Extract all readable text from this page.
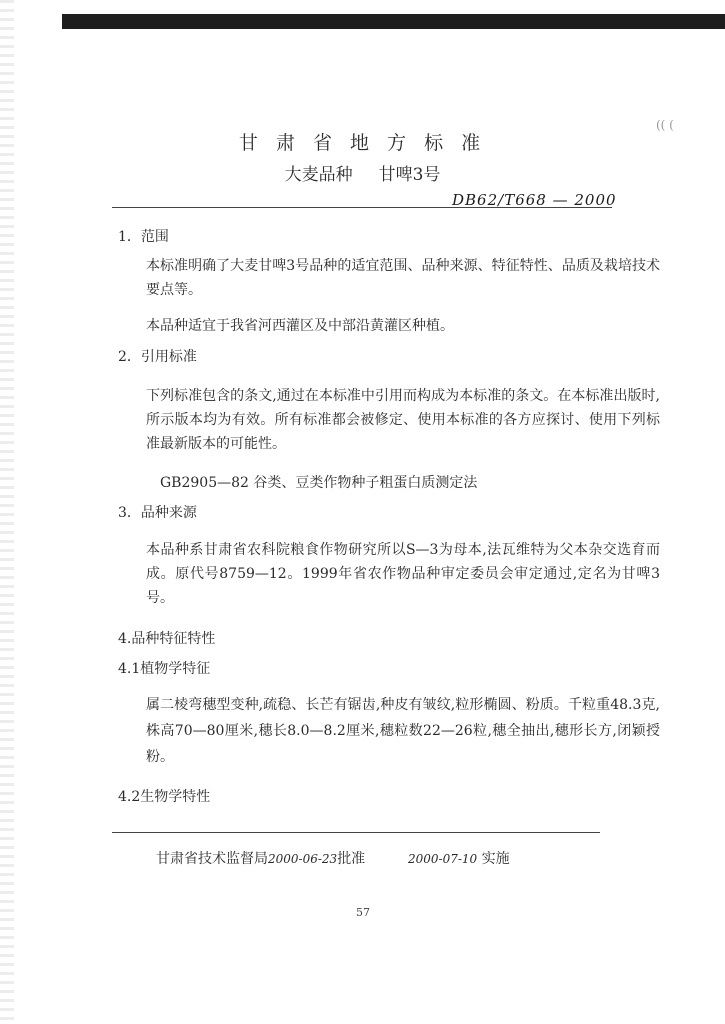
(( (
甘 肃 省 地 方 标 准
大麦品种 甘啤3号
DB62/T668 — 2000
1．范围
本标准明确了大麦甘啤3号品种的适宜范围、品种来源、特征特性、品质及栽培技术要点等。
本品种适宜于我省河西灌区及中部沿黄灌区种植。
2．引用标准
下列标准包含的条文,通过在本标准中引用而构成为本标准的条文。在本标准出版时,所示版本均为有效。所有标准都会被修定、使用本标准的各方应探讨、使用下列标准最新版本的可能性。
GB2905—82 谷类、豆类作物种子粗蛋白质测定法
3．品种来源
本品种系甘肃省农科院粮食作物研究所以S—3为母本,法瓦维特为父本杂交选育而成。原代号8759—12。1999年省农作物品种审定委员会审定通过,定名为甘啤3号。
4.品种特征特性
4.1植物学特征
属二棱弯穗型变种,疏稳、长芒有锯齿,种皮有皱纹,粒形椭圆、粉质。千粒重48.3克,株高70—80厘米,穗长8.0—8.2厘米,穗粒数22—26粒,穗全抽出,穗形长方,闭颖授粉。
4.2生物学特性
甘肃省技术监督局2000-06-23批准	2000-07-10 实施
57
